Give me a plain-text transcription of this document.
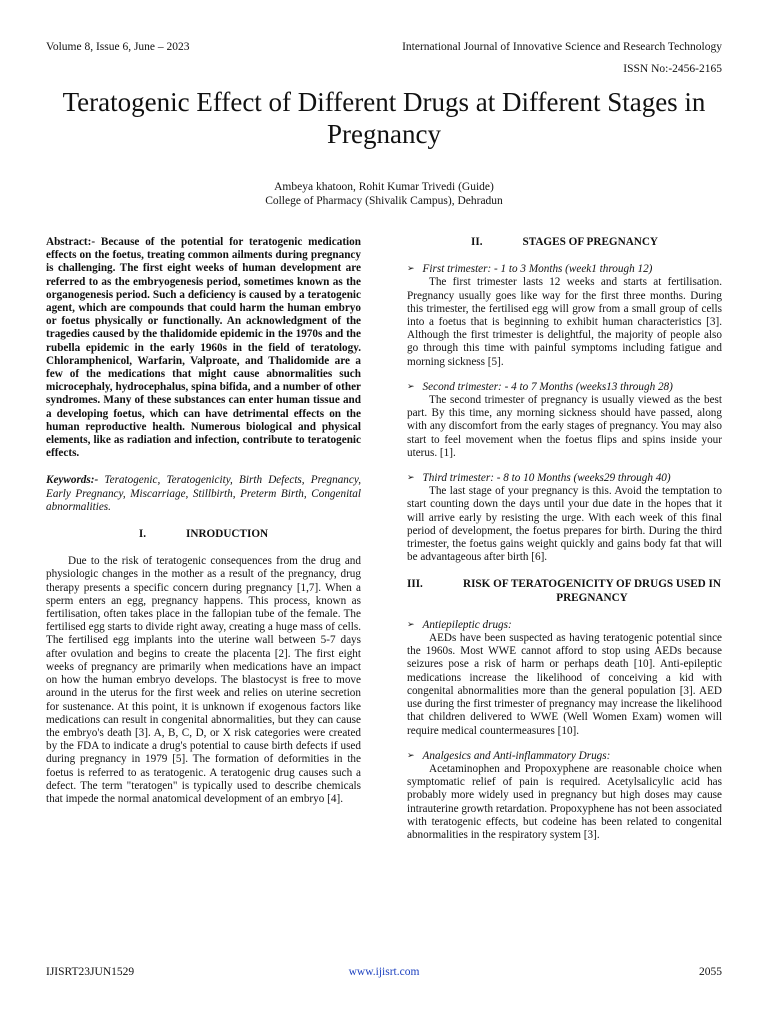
Volume 8, Issue 6, June – 2023	International Journal of Innovative Science and Research Technology
ISSN No:-2456-2165
Teratogenic Effect of Different Drugs at Different Stages in Pregnancy
Ambeya khatoon, Rohit Kumar Trivedi (Guide)
College of Pharmacy (Shivalik Campus), Dehradun

Abstract:- Because of the potential for teratogenic medication effects on the foetus, treating common ailments during pregnancy is challenging. The first eight weeks of human development are referred to as the embryogenesis period, sometimes known as the organogenesis period. Such a deficiency is caused by a teratogenic agent, which are compounds that could harm the human embryo or foetus physically or functionally. An acknowledgment of the tragedies caused by the thalidomide epidemic in the 1970s and the rubella epidemic in the early 1960s in the field of teratology. Chloramphenicol, Warfarin, Valproate, and Thalidomide are a few of the medications that might cause abnormalities such microcephaly, hydrocephalus, spina bifida, and a number of other syndromes. Many of these substances can enter human tissue and a developing foetus, which can have detrimental effects on the human reproductive health. Numerous biological and physical elements, like as radiation and infection, contribute to teratogenic effects.

Keywords:- Teratogenic, Teratogenicity, Birth Defects, Pregnancy, Early Pregnancy, Miscarriage, Stillbirth, Preterm Birth, Congenital abnormalities.

I.	INRODUCTION

Due to the risk of teratogenic consequences from the drug and physiologic changes in the mother as a result of the pregnancy, drug therapy presents a specific concern during pregnancy [1,7]. When a sperm enters an egg, pregnancy happens. This process, known as fertilisation, often takes place in the fallopian tube of the female. The fertilised egg starts to divide right away, creating a huge mass of cells. The fertilised egg implants into the uterine wall between 5-7 days after ovulation and begins to create the placenta [2]. The first eight weeks of pregnancy are primarily when medications have an impact on how the human embryo develops. The blastocyst is free to move around in the uterus for the first week and relies on uterine secretion for sustenance. At this point, it is unknown if exogenous factors like medications can result in congenital abnormalities, but they can cause the embryo's death [3]. A, B, C, D, or X risk categories were created by the FDA to indicate a drug's potential to cause birth defects if used during pregnancy in 1979 [5]. The formation of deformities in the foetus is referred to as teratogenic. A teratogenic drug causes such a defect. The term "teratogen" is typically used to describe chemicals that impede the normal anatomical development of an embryo [4].

II.	STAGES OF PREGNANCY
➢ First trimester: - 1 to 3 Months (week1 through 12)

The first trimester lasts 12 weeks and starts at fertilisation. Pregnancy usually goes like way for the first three months. During this trimester, the fertilised egg will grow from a small group of cells into a foetus that is beginning to exhibit human characteristics [3]. Although the first trimester is delightful, the majority of people also go through this time with painful symptoms including fatigue and morning sickness [5].

➢ Second trimester: - 4 to 7 Months (weeks13 through 28)

The second trimester of pregnancy is usually viewed as the best part. By this time, any morning sickness should have passed, along with any discomfort from the early stages of pregnancy. You may also start to feel movement when the foetus flips and spins inside your uterus. [1].

➢ Third trimester: - 8 to 10 Months (weeks29 through 40)

The last stage of your pregnancy is this. Avoid the temptation to start counting down the days until your due date in the hopes that it will arrive early by resisting the urge. With each week of this final period of development, the foetus prepares for birth. During the third trimester, the foetus gains weight quickly and gains body fat that will be advantageous after birth [6].

III.	RISK OF TERATOGENICITY OF DRUGS USED IN PREGNANCY
➢ Antiepileptic drugs:

AEDs have been suspected as having teratogenic potential since the 1960s. Most WWE cannot afford to stop using AEDs because seizures pose a risk of harm or perhaps death [10]. Anti-epileptic medications increase the likelihood of conceiving a kid with congenital abnormalities more than the general population [3]. AED use during the first trimester of pregnancy may increase the likelihood that children delivered to WWE (Well Women Exam) women will require medical countermeasures [10].

➢ Analgesics and Anti-inflammatory Drugs:

Acetaminophen and Propoxyphene are reasonable choice when symptomatic relief of pain is required. Acetylsalicylic acid has probably more widely used in pregnancy but high doses may cause intrauterine growth retardation. Propoxyphene has not been associated with teratogenic effects, but codeine has been related to congenital abnormalities in the respiratory system [3].

IJISRT23JUN1529	www.ijisrt.com	2055
